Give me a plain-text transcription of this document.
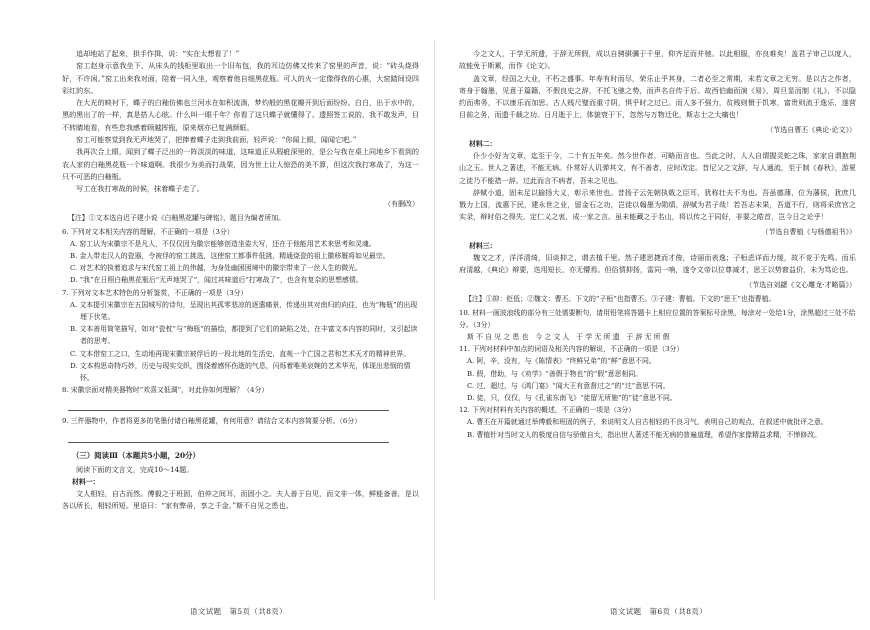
追却地站了起来，拱手作揖，说：“实在太想看了！”

窑工赵身示意我坐下，从床头的钱柜里取出一个旧布包，我的耳边仿佛又传来了窑里的声音，说：“砖头烧得好，不许闲。”窑工出来我对面，陪着一同入坐，观察着他自细黑花瓶。可人的火一定像得我的心惠，大窑踏间设四彩红的东。

在大光的映衬下，蝶子的白釉仿佛也兰河水在如积流淌，梦灼般的黑花瓣开到后面纷纷。白白，出于水中的，黑的黑出了的一样，真是搭人心眩。什么叫一眼千年？你看了这只蝶子就懂得了。遗照签工说的，我不敢发声，目不转睛地看，有些怠我感着顾越挥瓶，原来烟亦已复满颜眶。

窑工可能察觉到我无声地哭了，把捧着蝶子走到我前面，轻声说：“你闻上眼，闻闻它吧。”

我再次合上眼，闻到了蝶子泛出的一阵淡淡的味道，这味道正从瑕疵深里的，是公与我在桌上同地乡下看到的农人家的白釉黑花瓶一个味道啊。我很少为美而打战栗，因为世上让人惊恐的美不算，但这次我打寒战了，为这一只不可恶的白釉瓶。

写工在我打寒战的时候，抹着蝶子走了。

（有删改）
【注】①文本选自迟子建小说《白釉黑花罐与碑铭》，题目为编者所加。

6. 下列对文本相关内容的理解，不正确的一项是（3分）

A. 窑工认为宋徽宗不是凡人，不仅仅因为徽宗能够创造坐姿大写，还在于他能用艺术来思考和灵魂。

B. 金人带走汉人的瓷器，令被俘的窑工挑选，这使窑工都事件低挑，精通烧瓷的祖上徽移厩将如见最宗。

C. 对艺术的执着追求与宋代窑工祖上的伟越，为身处幽困困境中的徽宗带来了一丝人生的微光。

D. “我”在日照白釉黑花瓶后“无声地哭了”，闻过其味道后“打寒战了”，也含有复杂的思想感情。

7. 下列对文本艺术特色的分析鉴赏，不正确的一项是（3分）

A. 文本提引宋徽宗在五国城写的诗句，呈现出其孤零悲凉的逐遣痛景，传递出其对南归的向往，也为“梅瓶”的出现埋下伏笔。

B. 文本善用简笔描写，如对“瓷枕”与“梅瓶”的描绘，都提到了它们的缺陷之处，在丰富文本内容的同时，又引起读者的思考。

C. 文本借窑工之口，生动地再现宋徽宗被俘后的一段北地的生活史，直观一个亡国之君和艺术天才的精神世界。

D. 文本构思奇特巧妙，历史与现实交织，围绕着感怀伤逝的气息，闪烁着唯美哀婉的艺术华光，体现出悲悯的情怀。

8. 宋徽宗面对精美器物时“欢喜又低调”，对此你如何理解？（4分）

9. 三件器物中，作者将更多的笔墨付诸白釉黑花罐，有何用意？请结合文本内容简要分析。（6分）

（三）阅读Ⅲ（本题共5小题，20分）

阅读下面的文言文，完成10～14题。

材料一：

文人相轻，自古而然。傅毅之于班固，伯仲之间耳，而固小之。夫人善于自见，而文非一体，鲜能备善，是以各以所长，相轻所短。里语曰：“家有弊帚，享之千金。”斯不自见之患也。

语文试题　第5页（共8页）

今之文人，于学无所遗，于辞无所假，成以自骋骐骥于千里，仰齐足而并驰。以此相服，亦良难矣！盖君子审己以度人，故能免于斯累，而作《论文》。

盖文章，经国之大业，不朽之盛事。年寿有时而尽，荣乐止乎其身，二者必至之常期，未若文章之无穷。是以古之作者，寄身于翰墨，见意于篇籍，不假良史之辞，不托飞驰之势，而声名自传于后。故西伯幽而演《易》，周旦显而制《礼》，不以隐约而弗务，不以康乐而加思。古人贱尺璧而重寸阴，惧乎时之过已。而人多不强力，贫贱则慑于饥寒，富贵则流于逸乐，遂营目前之务，而遗千载之功。日月逝于上，体貌衰于下，忽然与万物迁化，斯志士之大痛也！

（节选自曹丕《典论·论文》）

材料二：

仆少小好为文章，迄至于今，二十有五年矣。然今世作者，可略而言也。当此之时，人人自谓握灵蛇之珠，家家自谓抱荆山之玉。世人之著述，不能无病。仆常好人讥弹其文，有不善者，应时改定。昔尼父之文辞，与人通流，至于制《春秋》，游夏之徒乃不能措一辞。过此而言不病者，吾未之见也。

辞赋小道，固未足以揄扬大义，彰示来世也。昔扬子云先朝执戟之臣耳，犹称壮夫不为也。吾虽德薄，位为藩侯，犹庶几戮力上国，流惠下民，建永世之业，留金石之功，岂徒以翰墨为勋绩，辞赋为君子哉！若吾志未果，吾道不行，则将采庶官之实录，辩时俗之得失，定仁义之衷，成一家之言。虽未能藏之于名山，将以传之于同好，非要之皓首，岂今日之论乎！

（节选自曹植《与杨德祖书》）

材料三：

魏文之才，洋洋清绮，旧谈抑之，谓去植千里。然子建思捷而才俊，诗丽而表逸；子桓虑详而力缓，故不竞于先鸣。而乐府清越，《典论》辩要，迭用短长，亦无懵焉。但俗情抑扬，雷同一响，遂令文帝以位尊减才，思王以势窘益价，未为笃论也。

（节选自刘勰《文心雕龙·才略篇》）
【注】①抑：贬低；②魏文：曹丕。下文的“子桓”也指曹丕。③子建：曹植。下文的“思王”也指曹植。

10. 材料一画波浪线的部分有三处需要断句，请用铅笔将答题卡上相应位置的答案标号涂黑，每涂对一处给1分，涂黑超过三处不给分。（3分）

斯 不 自 见 之 患 也　今 之 文 人　于 学 无 所 遗　于 辞 无 所 假

11. 下列对材料中加点的词语及相关内容的解说，不正确的一项是（3分）

A. 阿，辛，没有，与《陈情表》“终鲜兄弟”的“鲜”意思不同。

B. 假，借助，与《劝学》“善假于物也”的“假”意思相同。

C. 过，超过，与《鸿门宴》“闻大王有意督过之”的“过”意思不同。

D. 徒，只，仅仅，与《孔雀东南飞》“徒留无所施”的“徒”意思不同。

12. 下列对材料有关内容的概述，不正确的一项是（3分）

A. 曹丕在开篇就通过举傅毅和班固的例子，来说明文人自古相轻的不良习气，表明自己的观点，在叙述中就批评之意。

B. 曹植针对当时文人的极度自信与骄傲自大，指出世人著述不能无病的普遍道理，希望作家像精益求精，不惮修改。

语文试题　第6页（共8页）
